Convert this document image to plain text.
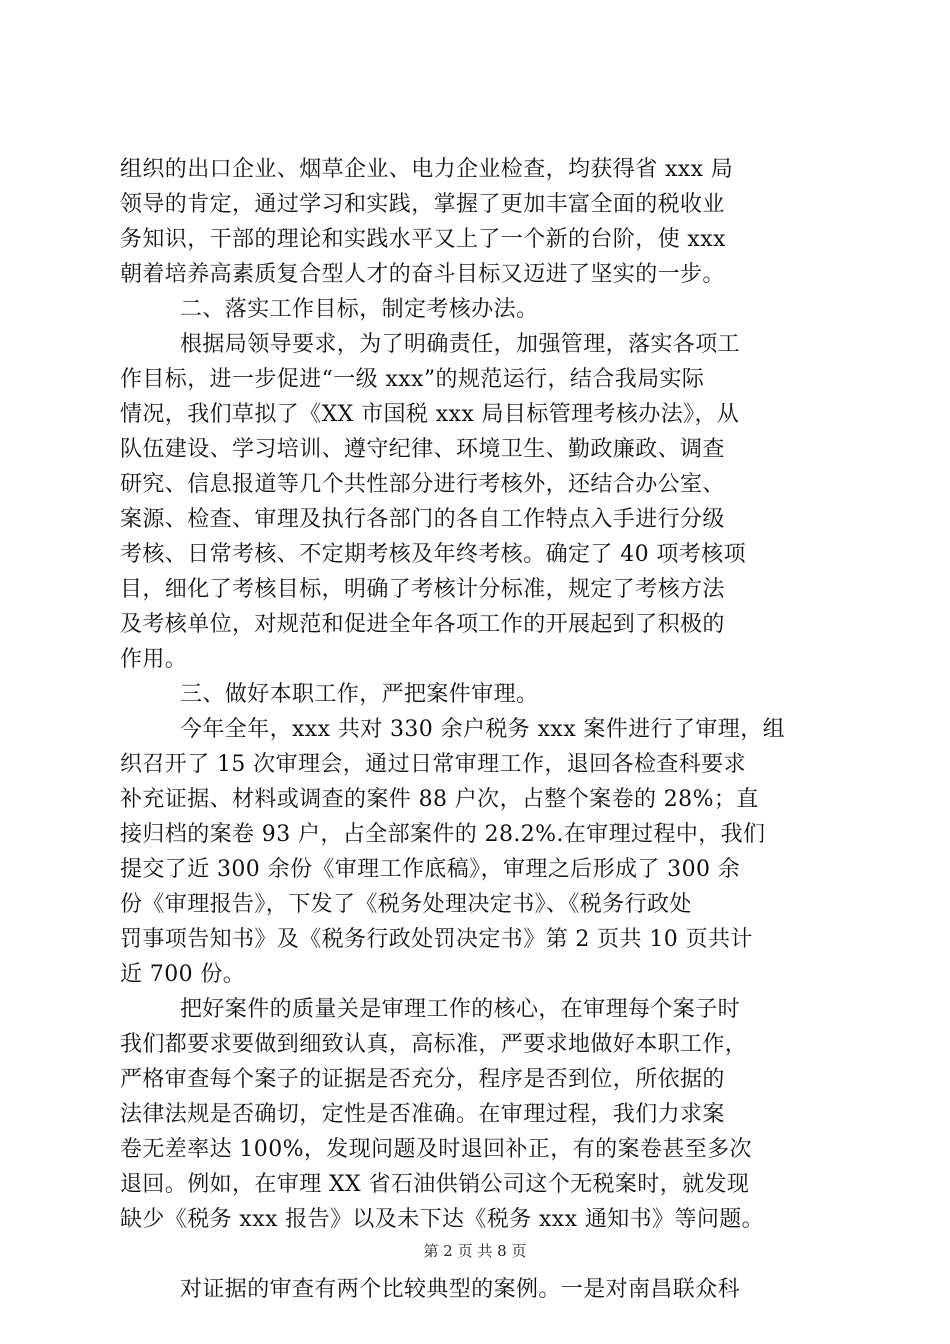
组织的出口企业、烟草企业、电力企业检查，均获得省 xxx 局
领导的肯定，通过学习和实践，掌握了更加丰富全面的税收业
务知识，干部的理论和实践水平又上了一个新的台阶，使 xxx
朝着培养高素质复合型人才的奋斗目标又迈进了坚实的一步。
二、落实工作目标，制定考核办法。
根据局领导要求，为了明确责任，加强管理，落实各项工
作目标，进一步促进“一级 xxx”的规范运行，结合我局实际
情况，我们草拟了《XX 市国税 xxx 局目标管理考核办法》，从
队伍建设、学习培训、遵守纪律、环境卫生、勤政廉政、调查
研究、信息报道等几个共性部分进行考核外，还结合办公室、
案源、检查、审理及执行各部门的各自工作特点入手进行分级
考核、日常考核、不定期考核及年终考核。确定了 40 项考核项
目，细化了考核目标，明确了考核计分标准，规定了考核方法
及考核单位，对规范和促进全年各项工作的开展起到了积极的
作用。
三、做好本职工作，严把案件审理。
今年全年，xxx 共对 330 余户税务 xxx 案件进行了审理，组
织召开了 15 次审理会，通过日常审理工作，退回各检查科要求
补充证据、材料或调查的案件 88 户次，占整个案卷的 28%；直
接归档的案卷 93 户，占全部案件的 28.2%.在审理过程中，我们
提交了近 300 余份《审理工作底稿》，审理之后形成了 300 余
份《审理报告》，下发了《税务处理决定书》、《税务行政处
罚事项告知书》及《税务行政处罚决定书》第 2 页共 10 页共计
近 700 份。
把好案件的质量关是审理工作的核心，在审理每个案子时
我们都要求要做到细致认真，高标准，严要求地做好本职工作，
严格审查每个案子的证据是否充分，程序是否到位，所依据的
法律法规是否确切，定性是否准确。在审理过程，我们力求案
卷无差率达 100%，发现问题及时退回补正，有的案卷甚至多次
退回。例如，在审理 XX 省石油供销公司这个无税案时，就发现
缺少《税务 xxx 报告》以及未下达《税务 xxx 通知书》等问题。
对证据的审查有两个比较典型的案例。一是对南昌联众科
第 2 页 共 8 页
